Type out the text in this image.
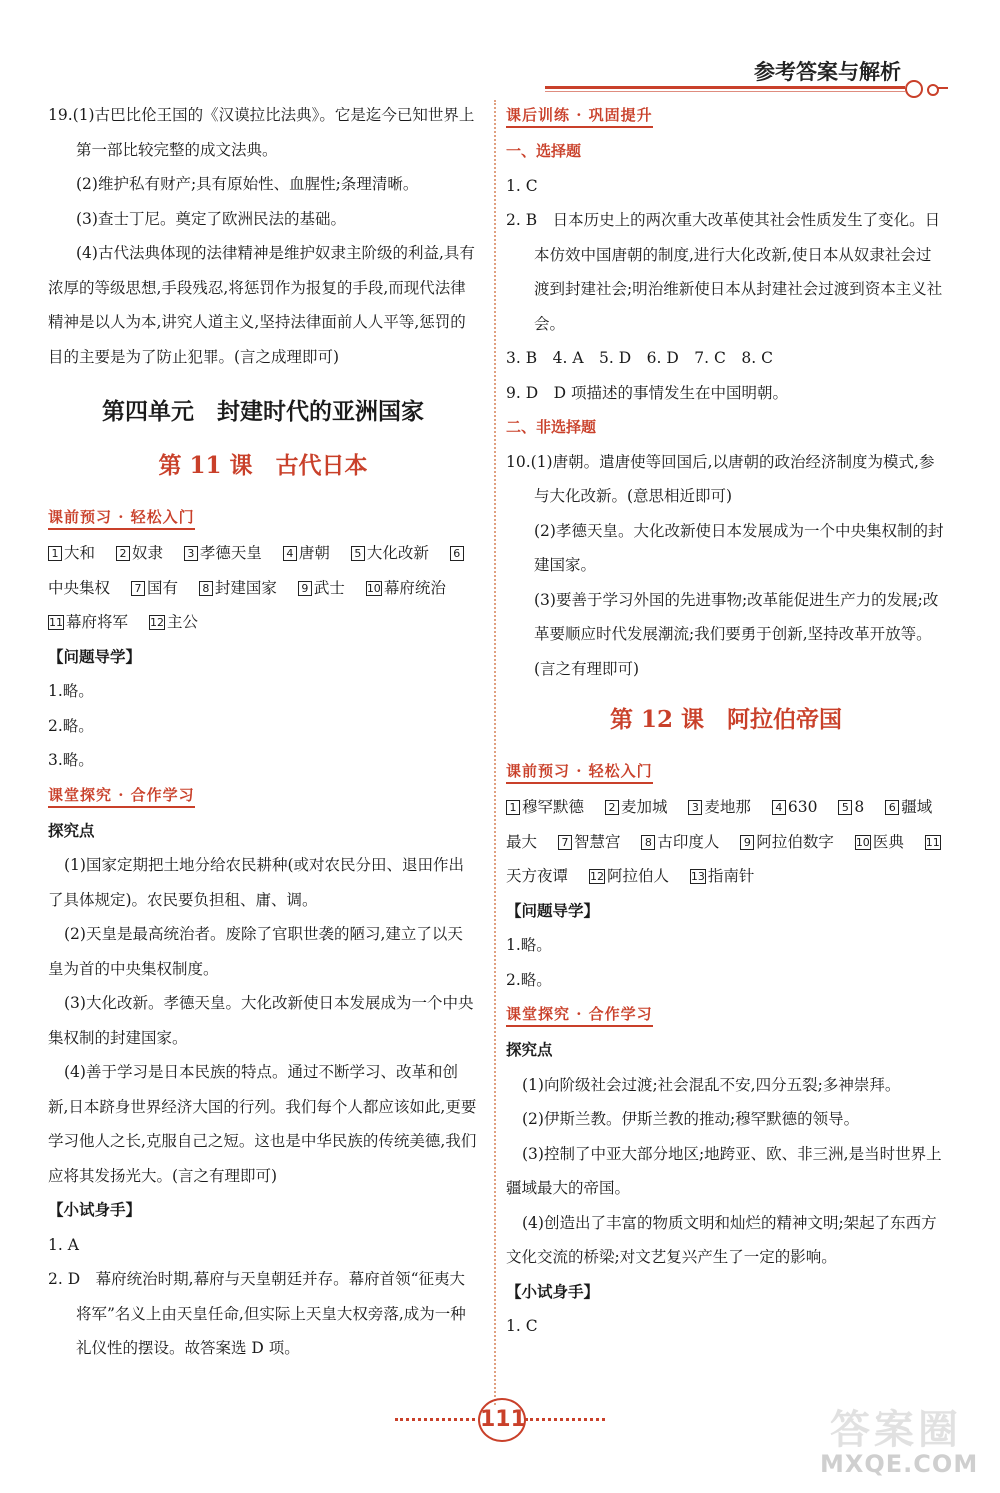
参考答案与解析

19.(1)古巴比伦王国的《汉谟拉比法典》。它是迄今已知世界上第一部比较完整的成文法典。

(2)维护私有财产;具有原始性、血腥性;条理清晰。

(3)查士丁尼。奠定了欧洲民法的基础。

(4)古代法典体现的法律精神是维护奴隶主阶级的利益,具有浓厚的等级思想,手段残忍,将惩罚作为报复的手段,而现代法律精神是以人为本,讲究人道主义,坚持法律面前人人平等,惩罚的目的主要是为了防止犯罪。(言之成理即可)

第四单元　封建时代的亚洲国家
第 11 课　古代日本
课前预习 · 轻松入门

1 大和 2 奴隶 3 孝德天皇 4 唐朝 5 大化改新 6中央集权 7 国有 8 封建国家 9 武士 10 幕府统治 11 幕府将军 12 主公

【问题导学】

1.略。

2.略。

3.略。

课堂探究 · 合作学习

探究点

(1)国家定期把土地分给农民耕种(或对农民分田、退田作出了具体规定)。农民要负担租、庸、调。

(2)天皇是最高统治者。废除了官职世袭的陋习,建立了以天皇为首的中央集权制度。

(3)大化改新。孝德天皇。大化改新使日本发展成为一个中央集权制的封建国家。

(4)善于学习是日本民族的特点。通过不断学习、改革和创新,日本跻身世界经济大国的行列。我们每个人都应该如此,更要学习他人之长,克服自己之短。这也是中华民族的传统美德,我们应将其发扬光大。(言之有理即可)

【小试身手】

1. A

2. D　幕府统治时期,幕府与天皇朝廷并存。幕府首领“征夷大将军”名义上由天皇任命,但实际上天皇大权旁落,成为一种礼仪性的摆设。故答案选 D 项。

课后训练 · 巩固提升

一、选择题

1. C

2. B　日本历史上的两次重大改革使其社会性质发生了变化。日本仿效中国唐朝的制度,进行大化改新,使日本从奴隶社会过渡到封建社会;明治维新使日本从封建社会过渡到资本主义社会。

3. B　4. A　5. D　6. D　7. C　8. C

9. D　D 项描述的事情发生在中国明朝。

二、非选择题

10.(1)唐朝。遣唐使等回国后,以唐朝的政治经济制度为模式,参与大化改新。(意思相近即可)

(2)孝德天皇。大化改新使日本发展成为一个中央集权制的封建国家。

(3)要善于学习外国的先进事物;改革能促进生产力的发展;改革要顺应时代发展潮流;我们要勇于创新,坚持改革开放等。(言之有理即可)

第 12 课　阿拉伯帝国
课前预习 · 轻松入门

1 穆罕默德 2 麦加城 3 麦地那 4 630 5 8 6 疆域最大 7 智慧宫 8 古印度人 9 阿拉伯数字 10 医典 11天方夜谭 12 阿拉伯人 13 指南针

【问题导学】

1.略。

2.略。

课堂探究 · 合作学习

探究点

(1)向阶级社会过渡;社会混乱不安,四分五裂;多神崇拜。

(2)伊斯兰教。伊斯兰教的推动;穆罕默德的领导。

(3)控制了中亚大部分地区;地跨亚、欧、非三洲,是当时世界上疆域最大的帝国。

(4)创造出了丰富的物质文明和灿烂的精神文明;架起了东西方文化交流的桥梁;对文艺复兴产生了一定的影响。

【小试身手】

1. C

111	答案圈
MXQE.COM
